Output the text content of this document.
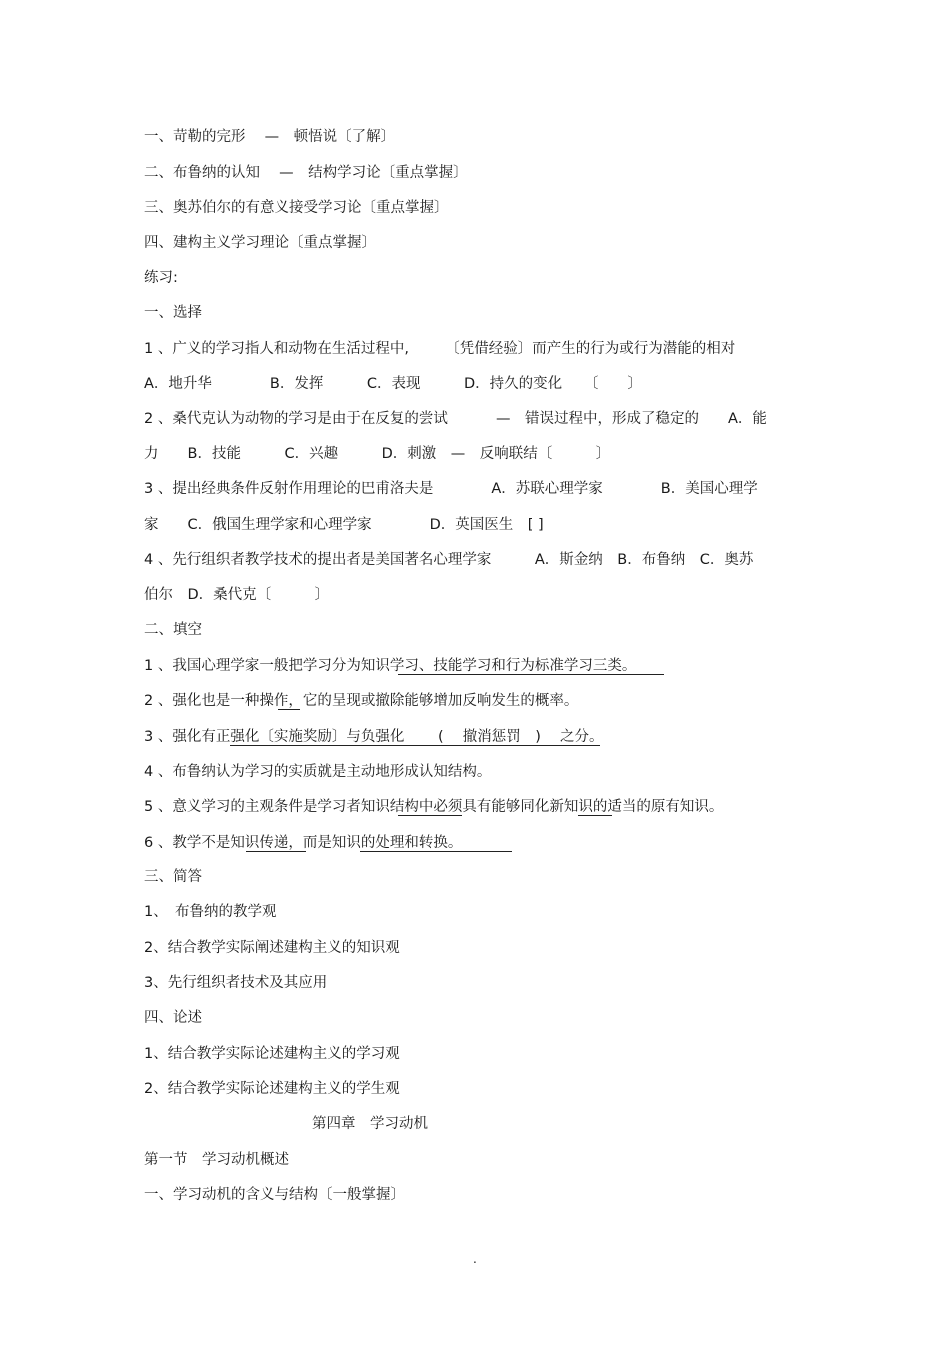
一、苛勒的完形　 —　顿悟说〔了解〕
二、布鲁纳的认知　 —　结构学习论〔重点掌握〕
三、奥苏伯尔的有意义接受学习论〔重点掌握〕
四、建构主义学习理论〔重点掌握〕
练习:
一、选择
1 、广义的学习指人和动物在生活过程中,　　　〔凭借经验〕而产生的行为或行为潜能的相对
A．地升华　　　　B．发挥　　　C．表现　　　D．持久的变化　　〔　　〕
2 、桑代克认为动物的学习是由于在反复的尝试　　　 —　错误过程中，形成了稳定的　　A．能
力　　B．技能　　　C．兴趣　　　D．刺激　—　反响联结〔　　　〕
3 、提出经典条件反射作用理论的巴甫洛夫是　　　　A．苏联心理学家　　　　B．美国心理学
家　　C．俄国生理学家和心理学家　　　　D．英国医生　[ ]
4 、先行组织者教学技术的提出者是美国著名心理学家　　　A．斯金纳　B．布鲁纳　C．奥苏
伯尔　D．桑代克〔　　　〕
二、填空
1 、我国心理学家一般把学习分为知识学习、技能学习和行为标准学习三类。
2 、强化也是一种操作，它的呈现或撤除能够增加反响发生的概率。
3 、强化有正强化〔实施奖励〕与负强化　　 (　 撤消惩罚　)　 之分。
4 、布鲁纳认为学习的实质就是主动地形成认知结构。
5 、意义学习的主观条件是学习者知识结构中必须具有能够同化新知识的适当的原有知识。
6 、教学不是知识传递，而是知识的处理和转换。
三、简答
1、　布鲁纳的教学观
2、结合教学实际阐述建构主义的知识观
3、先行组织者技术及其应用
四、论述
1、结合教学实际论述建构主义的学习观
2、结合教学实际论述建构主义的学生观
第四章　学习动机
第一节　学习动机概述
一、学习动机的含义与结构〔一般掌握〕
.
